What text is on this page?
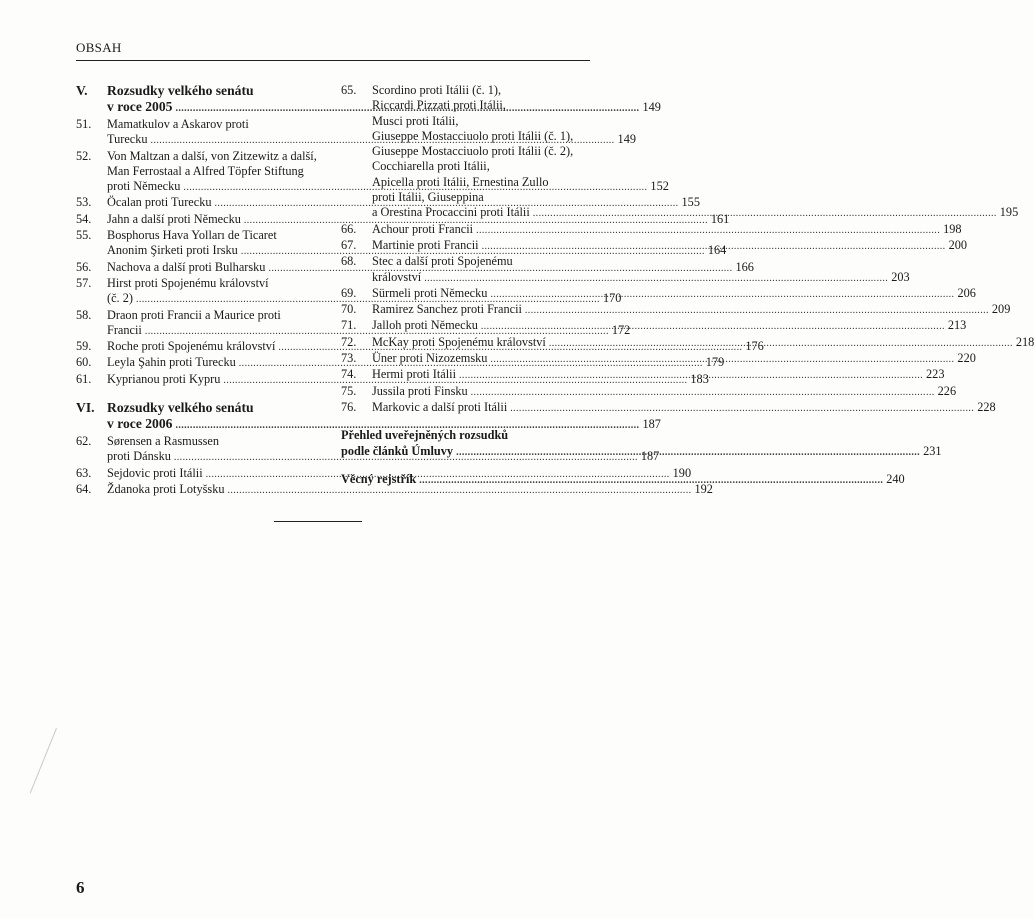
OBSAH
V.	Rozsudky velkého senátu
v roce 2005 .....	149
51.	Mamatkulov a Askarov proti
Turecku .....	149
52.	Von Maltzan a další, von Zitzewitz a další,
Man Ferrostaal a Alfred Töpfer Stiftung
proti Německu .....	152
53.	Öcalan proti Turecku .....	155
54.	Jahn a další proti Německu .....	161
55.	Bosphorus Hava Yolları de Ticaret
Anonim Şirketi proti Irsku .....	164
56.	Nachova a další proti Bulharsku .....	166
57.	Hirst proti Spojenému království
(č. 2) .....	170
58.	Draon proti Francii a Maurice proti
Francii .....	172
59.	Roche proti Spojenému království .....	176
60.	Leyla Şahin proti Turecku .....	179
61.	Kyprianou proti Kypru .....	183
VI. Rozsudky velkého senátu
v roce 2006 .....	187
62.	Sørensen a Rasmussen
proti Dánsku .....	187
63.	Sejdovic proti Itálii .....	190
64.	Ždanoka proti Lotyšsku .....	192
65.	Scordino proti Itálii (č. 1),
Riccardi Pizzati proti Itálii,
Musci proti Itálii,
Giuseppe Mostacciuolo proti Itálii (č. 1),
Giuseppe Mostacciuolo proti Itálii (č. 2),
Cocchiarella proti Itálii,
Apicella proti Itálii, Ernestina Zullo
proti Itálii, Giuseppina
a Orestina Procaccini proti Itálii .....	195
66.	Achour proti Francii .....	198
67.	Martinie proti Francii .....	200
68.	Stec a další proti Spojenému
království .....	203
69.	Sürmeli proti Německu .....	206
70.	Ramirez Sanchez proti Francii .....	209
71.	Jalloh proti Německu .....	213
72.	McKay proti Spojenému království .....	218
73.	Üner proti Nizozemsku .....	220
74.	Hermi proti Itálii .....	223
75.	Jussila proti Finsku .....	226
76.	Markovic a další proti Itálii .....	228
Přehled uveřejněných rozsudků
podle článků Úmluvy .....	231
Věcný rejstřík .....	240
6
